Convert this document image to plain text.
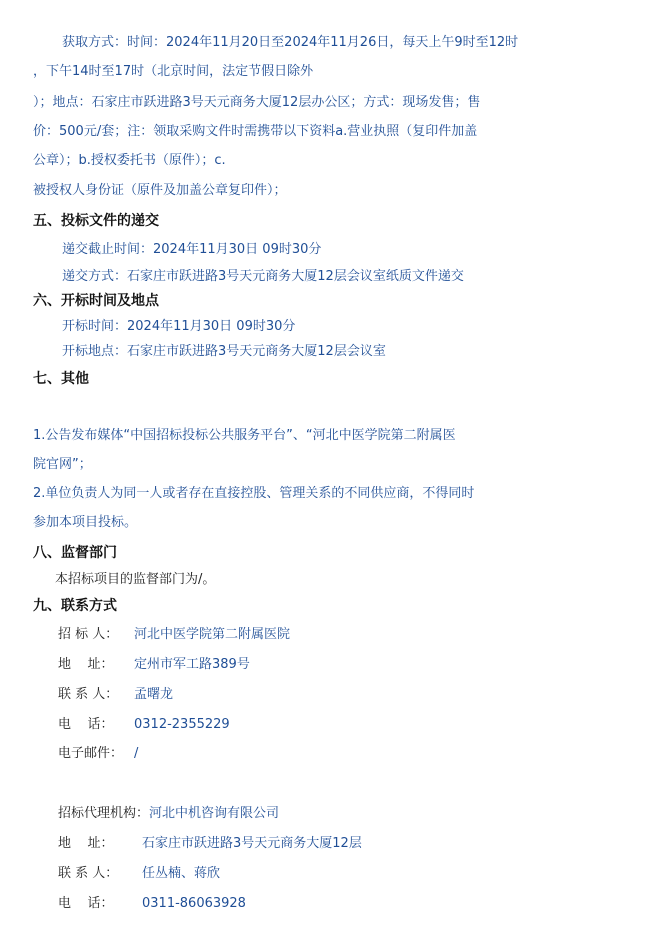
获取方式：时间：2024年11月20日至2024年11月26日，每天上午9时至12时
，下午14时至17时（北京时间，法定节假日除外
）；地点：石家庄市跃进路3号天元商务大厦12层办公区；方式：现场发售；售
价：500元/套；注：领取采购文件时需携带以下资料a.营业执照（复印件加盖
公章）；b.授权委托书（原件）；c.
被授权人身份证（原件及加盖公章复印件）；
五、投标文件的递交
递交截止时间：2024年11月30日 09时30分
递交方式：石家庄市跃进路3号天元商务大厦12层会议室纸质文件递交
六、开标时间及地点
开标时间：2024年11月30日 09时30分
开标地点：石家庄市跃进路3号天元商务大厦12层会议室
七、其他
1.公告发布媒体“中国招标投标公共服务平台”、“河北中医学院第二附属医
院官网”；
2.单位负责人为同一人或者存在直接控股、管理关系的不同供应商，不得同时
参加本项目投标。
八、监督部门
本招标项目的监督部门为/。
九、联系方式
招 标 人： 河北中医学院第二附属医院
地    址： 定州市军工路389号
联 系 人： 孟曙龙
电    话： 0312-2355229
电子邮件： /
招标代理机构：河北中机咨询有限公司
地    址： 石家庄市跃进路3号天元商务大厦12层
联 系 人： 任丛楠、蒋欣
电    话： 0311-86063928
